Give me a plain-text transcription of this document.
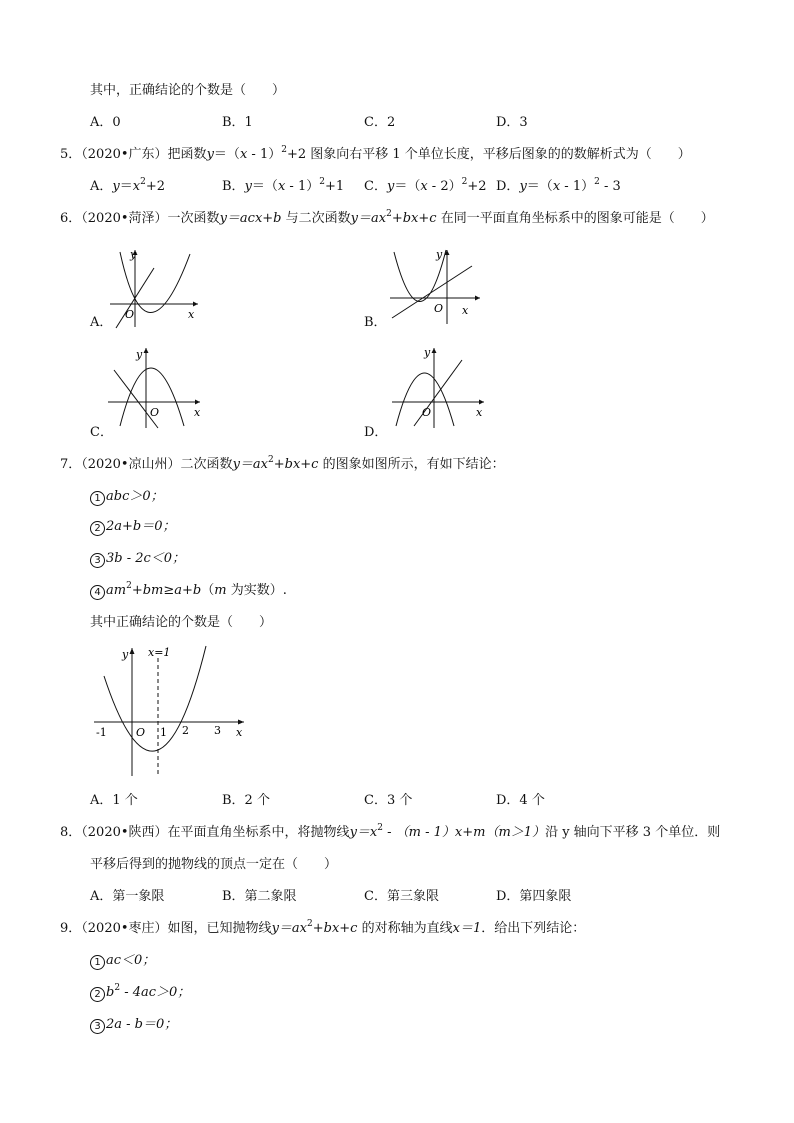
其中，正确结论的个数是（　　）
A．0	B．1	C．2	D．3
5．（2020•广东）把函数y＝（x - 1）$^2$+2 图象向右平移 1 个单位长度，平移后图象的的数解析式为（　　）
A．$y=x^2+2$	B．y＝（x - 1）$^2$+1 C．y＝（x - 2）$^2$+2 D．y＝（x - 1）$^2$ - 3
6．（2020•菏泽）一次函数y＝acx+b 与二次函数$y=ax^2+bx+c$ 在同一平面直角坐标系中的图象可能是（　　）
y
O	x
A．
y
O x
B．
y
O	x
C．
y
O	x
D．
7．（2020•凉山州）二次函数$y=ax^2+bx+c$ 的图象如图所示，有如下结论：
1 abc＞0；
2 2a+b＝0；
3 3b - 2c＜0；
4 $am^2+bm\ge a+b(m$ 为实数）.
其中正确结论的个数是（　　）
y x=1
O
-1	1 2 3 x
A．1 个	B．2 个	C．3 个	D．4 个
8．（2020•陕西）在平面直角坐标系中，将抛物线$y=x^2 - (m - 1)x+m(m>1)$沿 y 轴向下平移 3 个单位．则
平移后得到的抛物线的顶点一定在（　　）
A．第一象限	B．第二象限	C．第三象限	D．第四象限
9．（2020•枣庄）如图，已知抛物线$y=ax^2+bx+c$ 的对称轴为直线x＝1．给出下列结论：
1 ac＜0；
2 $b^2 - 4ac>0$；
3 2a - b＝0；
